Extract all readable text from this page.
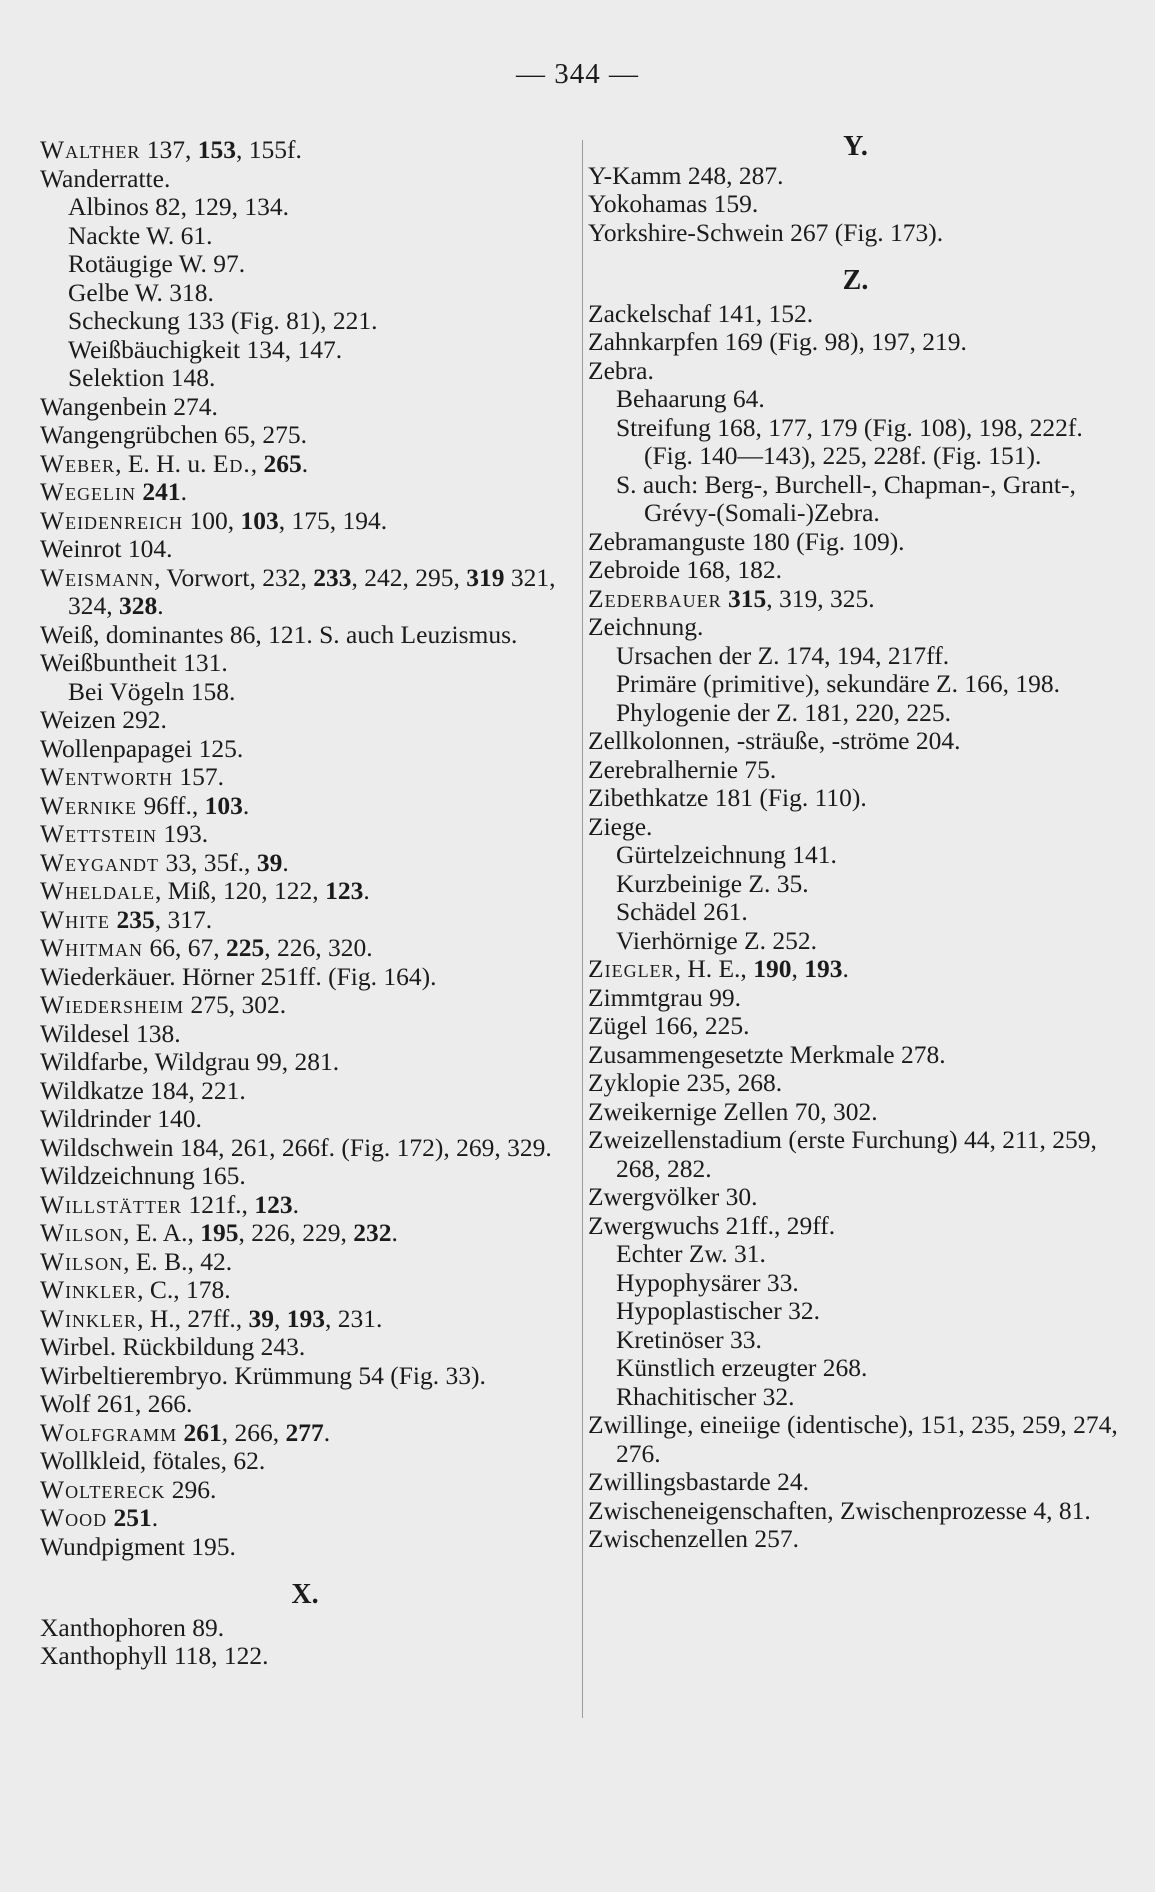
— 344 —
Walther 137, 153, 155f.
Wanderratte.
Albinos 82, 129, 134.
Nackte W. 61.
Rotäugige W. 97.
Gelbe W. 318.
Scheckung 133 (Fig. 81), 221.
Weißbäuchigkeit 134, 147.
Selektion 148.
Wangenbein 274.
Wangengrübchen 65, 275.
Weber, E. H. u. Ed., 265.
Wegelin 241.
Weidenreich 100, 103, 175, 194.
Weinrot 104.
Weismann, Vorwort, 232, 233, 242, 295, 319 321, 324, 328.
Weiß, dominantes 86, 121. S. auch Leuzismus.
Weißbuntheit 131.
Bei Vögeln 158.
Weizen 292.
Wollenpapagei 125.
Wentworth 157.
Wernike 96ff., 103.
Wettstein 193.
Weygandt 33, 35f., 39.
Wheldale, Miß, 120, 122, 123.
White 235, 317.
Whitman 66, 67, 225, 226, 320.
Wiederkäuer. Hörner 251ff. (Fig. 164).
Wiedersheim 275, 302.
Wildesel 138.
Wildfarbe, Wildgrau 99, 281.
Wildkatze 184, 221.
Wildrinder 140.
Wildschwein 184, 261, 266f. (Fig. 172), 269, 329.
Wildzeichnung 165.
Willstätter 121f., 123.
Wilson, E. A., 195, 226, 229, 232.
Wilson, E. B., 42.
Winkler, C., 178.
Winkler, H., 27ff., 39, 193, 231.
Wirbel. Rückbildung 243.
Wirbeltierembryo. Krümmung 54 (Fig. 33).
Wolf 261, 266.
Wolfgramm 261, 266, 277.
Wollkleid, fötales, 62.
Woltereck 296.
Wood 251.
Wundpigment 195.
X.
Xanthophoren 89.
Xanthophyll 118, 122.
Y.
Y-Kamm 248, 287.
Yokohamas 159.
Yorkshire-Schwein 267 (Fig. 173).
Z.
Zackelschaf 141, 152.
Zahnkarpfen 169 (Fig. 98), 197, 219.
Zebra.
Behaarung 64.
Streifung 168, 177, 179 (Fig. 108), 198, 222f. (Fig. 140—143), 225, 228f. (Fig. 151).
S. auch: Berg-, Burchell-, Chapman-, Grant-, Grévy-(Somali-)Zebra.
Zebramanguste 180 (Fig. 109).
Zebroide 168, 182.
Zederbauer 315, 319, 325.
Zeichnung.
Ursachen der Z. 174, 194, 217ff.
Primäre (primitive), sekundäre Z. 166, 198.
Phylogenie der Z. 181, 220, 225.
Zellkolonnen, -sträuße, -ströme 204.
Zerebralhernie 75.
Zibethkatze 181 (Fig. 110).
Ziege.
Gürtelzeichnung 141.
Kurzbeinige Z. 35.
Schädel 261.
Vierhörnige Z. 252.
Ziegler, H. E., 190, 193.
Zimmtgrau 99.
Zügel 166, 225.
Zusammengesetzte Merkmale 278.
Zyklopie 235, 268.
Zweikernige Zellen 70, 302.
Zweizellenstadium (erste Furchung) 44, 211, 259, 268, 282.
Zwergvölker 30.
Zwergwuchs 21ff., 29ff.
Echter Zw. 31.
Hypophysärer 33.
Hypoplastischer 32.
Kretinöser 33.
Künstlich erzeugter 268.
Rhachitischer 32.
Zwillinge, eineiige (identische), 151, 235, 259, 274, 276.
Zwillingsbastarde 24.
Zwischeneigenschaften, Zwischenprozesse 4, 81.
Zwischenzellen 257.
